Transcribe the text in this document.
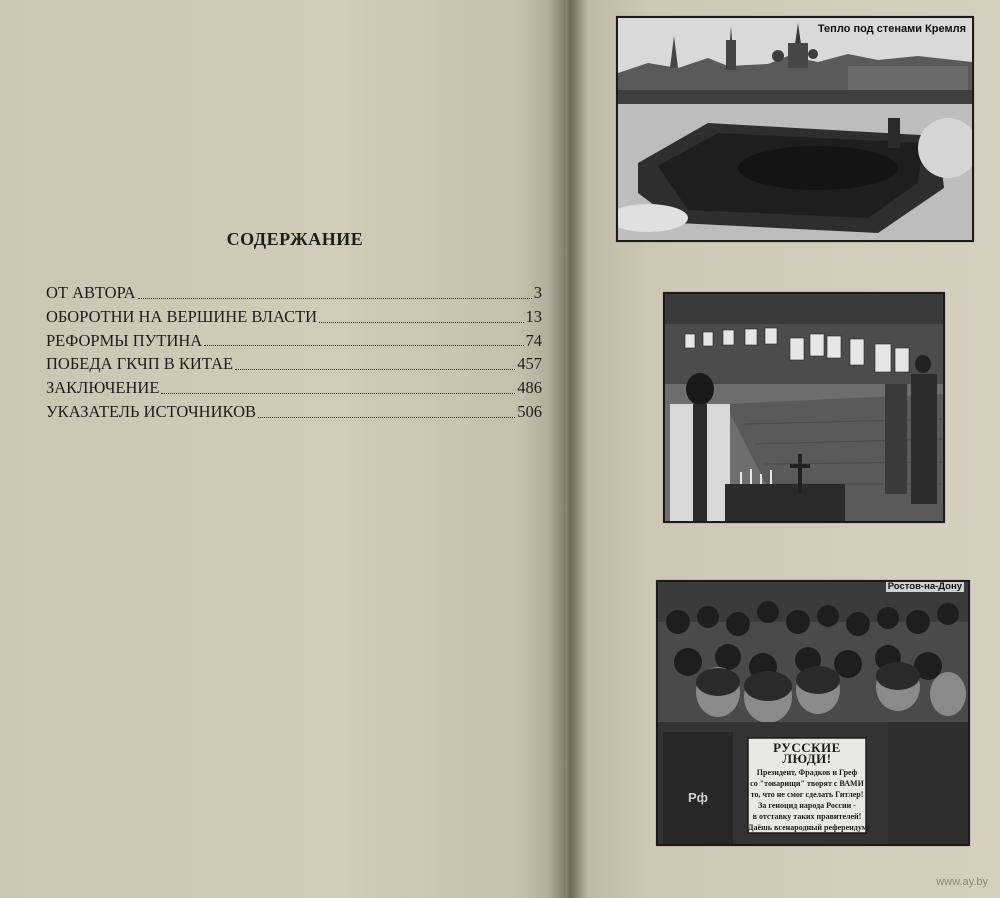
СОДЕРЖАНИЕ
ОТ АВТОРА	3
ОБОРОТНИ НА ВЕРШИНЕ ВЛАСТИ	13
РЕФОРМЫ ПУТИНА	74
ПОБЕДА ГКЧП В КИТАЕ	457
ЗАКЛЮЧЕНИЕ	486
УКАЗАТЕЛЬ ИСТОЧНИКОВ	506
Тепло под стенами Кремля
Ростов-на-Дону
РУССКИЕ ЛЮДИ!
Президент, Фрадков и Греф
со "товарищи" творят с ВАМИ
то, что не смог сделать Гитлер!
За геноцид народа России -
в отставку таких правителей!
Даёшь всенародный референдум!
Рф
www.ay.by
